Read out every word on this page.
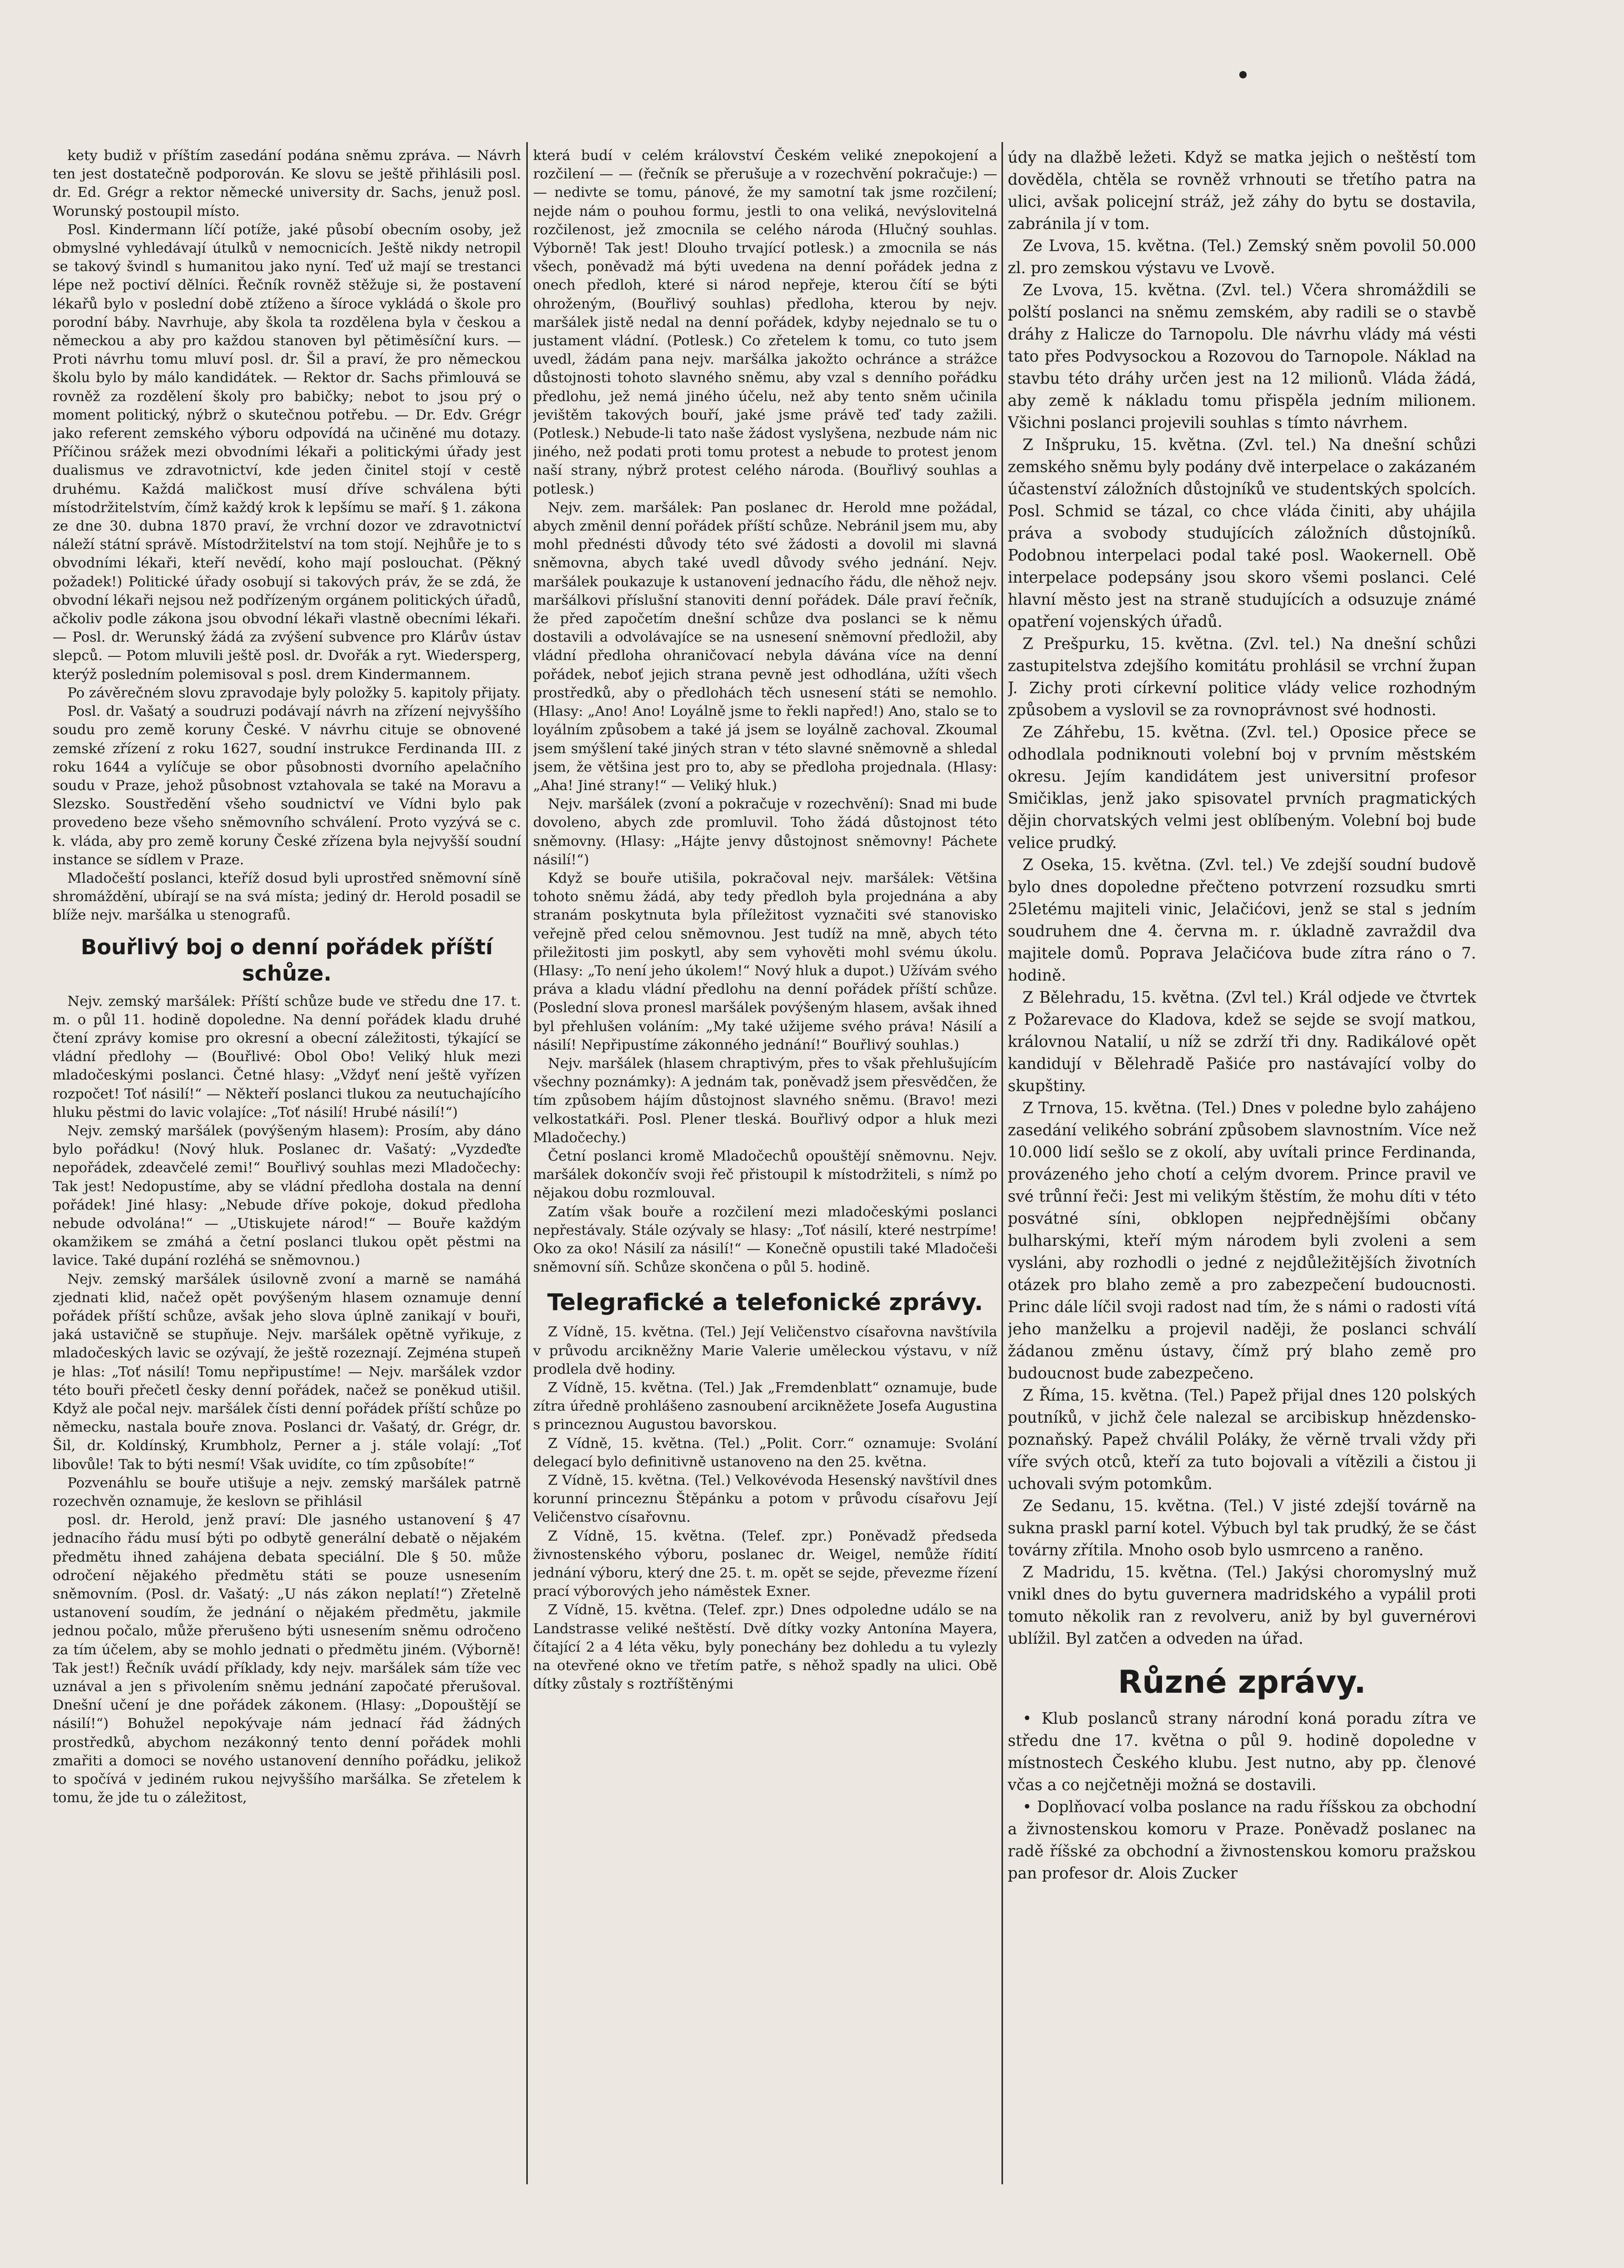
kety budiž v příštím zasedání podána sněmu zpráva. — Návrh ten jest dostatečně podporován. Ke slovu se ještě přihlásili posl. dr. Ed. Grégr a rektor německé university dr. Sachs, jenuž posl. Worunský postoupil místo.

Posl. Kindermann líčí potíže, jaké působí obecním osoby, jež obmyslné vyhledávají útulků v nemocnicích. Ještě nikdy netropil se takový švindl s humanitou jako nyní. Teď už mají se trestanci lépe než poctiví dělníci. Řečník rovněž stěžuje si, že postavení lékařů bylo v poslední době ztíženo a šíroce vykládá o škole pro porodní báby. Navrhuje, aby škola ta rozdělena byla v českou a německou a aby pro každou stanoven byl pětiměsíční kurs. — Proti návrhu tomu mluví posl. dr. Šil a praví, že pro německou školu bylo by málo kandidátek. — Rektor dr. Sachs přimlouvá se rovněž za rozdělení školy pro babičky; nebot to jsou prý o moment politický, nýbrž o skutečnou potřebu. — Dr. Edv. Grégr jako referent zemského výboru odpovídá na učiněné mu dotazy. Příčinou srážek mezi obvodními lékaři a politickými úřady jest dualismus ve zdravotnictví, kde jeden činitel stojí v cestě druhému. Každá maličkost musí dříve schválena býti místodržitelstvím, čímž každý krok k lepšímu se maří. § 1. zákona ze dne 30. dubna 1870 praví, že vrchní dozor ve zdravotnictví náleží státní správě. Místodržitelství na tom stojí. Nejhůře je to s obvodními lékaři, kteří nevědí, koho mají poslouchat. (Pěkný požadek!) Politické úřady osobují si takových práv, že se zdá, že obvodní lékaři nejsou než podřízeným orgánem politických úřadů, ačkoliv podle zákona jsou obvodní lékaři vlastně obecními lékaři. — Posl. dr. Werunský žádá za zvýšení subvence pro Klárův ústav slepců. — Potom mluvili ještě posl. dr. Dvořák a ryt. Wiedersperg, kterýž posledním polemisoval s posl. drem Kindermannem.

Po závěrečném slovu zpravodaje byly položky 5. kapitoly přijaty.

Posl. dr. Vašatý a soudruzi podávají návrh na zřízení nejvyššího soudu pro země koruny České. V návrhu cituje se obnovené zemské zřízení z roku 1627, soudní instrukce Ferdinanda III. z roku 1644 a vylíčuje se obor působnosti dvorního apelačního soudu v Praze, jehož působnost vztahovala se také na Moravu a Slezsko. Soustředění všeho soudnictví ve Vídni bylo pak provedeno beze všeho sněmovního schválení. Proto vyzývá se c. k. vláda, aby pro země koruny České zřízena byla nejvyšší soudní instance se sídlem v Praze.

Mladočeští poslanci, kteříž dosud byli uprostřed sněmovní síně shromáždění, ubírají se na svá místa; jediný dr. Herold posadil se blíže nejv. maršálka u stenografů.

Bouřlivý boj o denní pořádek příští schůze.

Nejv. zemský maršálek: Příští schůze bude ve středu dne 17. t. m. o půl 11. hodině dopoledne. Na denní pořádek kladu druhé čtení zprávy komise pro okresní a obecní záležitosti, týkající se vládní předlohy — (Bouřlivé: Obol Obo! Veliký hluk mezi mladočeskými poslanci. Četné hlasy: „Vždyť není ještě vyřízen rozpočet! Toť násilí!“ — Někteří poslanci tlukou za neutuchajícího hluku pěstmi do lavic volajíce: „Toť násilí! Hrubé násilí!“)

Nejv. zemský maršálek (povýšeným hlasem): Prosím, aby dáno bylo pořádku! (Nový hluk. Poslanec dr. Vašatý: „Vyzdeďte nepořádek, zdeavčelé zemi!“ Bouřlivý souhlas mezi Mladočechy: Tak jest! Nedopustíme, aby se vládní předloha dostala na denní pořádek! Jiné hlasy: „Nebude dříve pokoje, dokud předloha nebude odvolána!“ — „Utiskujete národ!“ — Bouře každým okamžikem se zmáhá a četní poslanci tlukou opět pěstmi na lavice. Také dupání rozléhá se sněmovnou.)

Nejv. zemský maršálek úsilovně zvoní a marně se namáhá zjednati klid, načež opět povýšeným hlasem oznamuje denní pořádek příští schůze, avšak jeho slova úplně zanikají v bouři, jaká ustavičně se stupňuje. Nejv. maršálek opětně vyřikuje, z mladočeských lavic se ozývají, že ještě rozeznají. Zejména stupeň je hlas: „Toť násilí! Tomu nepřipustíme! — Nejv. maršálek vzdor této bouři přečetl česky denní pořádek, načež se poněkud utišil. Když ale počal nejv. maršálek čísti denní pořádek příští schůze po německu, nastala bouře znova. Poslanci dr. Vašatý, dr. Grégr, dr. Šil, dr. Koldínský, Krumbholz, Perner a j. stále volají: „Toť libovůle! Tak to býti nesmí! Však uvidíte, co tím způsobíte!“

Pozvenáhlu se bouře utišuje a nejv. zemský maršálek patrně rozechvěn oznamuje, že keslovn se přihlásil

posl. dr. Herold, jenž praví: Dle jasného ustanovení § 47 jednacího řádu musí býti po odbytě generální debatě o nějakém předmětu ihned zahájena debata speciální. Dle § 50. může odročení nějakého předmětu státi se pouze usnesením sněmovním. (Posl. dr. Vašatý: „U nás zákon neplatí!“) Zřetelně ustanovení soudím, že jednání o nějakém předmětu, jakmile jednou počalo, může přerušeno býti usnesením sněmu odročeno za tím účelem, aby se mohlo jednati o předmětu jiném. (Výborně! Tak jest!) Řečník uvádí příklady, kdy nejv. maršálek sám tíže vec uznával a jen s přivolením sněmu jednání započaté přerušoval. Dnešní učení je dne pořádek zákonem. (Hlasy: „Dopouštějí se násilí!“) Bohužel nepokývaje nám jednací řád žádných prostředků, abychom nezákonný tento denní pořádek mohli zmařiti a domoci se nového ustanovení denního pořádku, jelikož to spočívá v jediném rukou nejvyššího maršálka. Se zřetelem k tomu, že jde tu o záležitost,

která budí v celém království Českém veliké znepokojení a rozčilení — — (řečník se přerušuje a v rozechvění pokračuje:) — — nedivte se tomu, pánové, že my samotní tak jsme rozčilení; nejde nám o pouhou formu, jestli to ona veliká, nevýslovitelná rozčilenost, jež zmocnila se celého národa (Hlučný souhlas. Výborně! Tak jest! Dlouho trvající potlesk.) a zmocnila se nás všech, poněvadž má býti uvedena na denní pořádek jedna z onech předloh, které si národ nepřeje, kterou čítí se býti ohroženým, (Bouřlivý souhlas) předloha, kterou by nejv. maršálek jistě nedal na denní pořádek, kdyby nejednalo se tu o justament vládní. (Potlesk.) Co zřetelem k tomu, co tuto jsem uvedl, žádám pana nejv. maršálka jakožto ochránce a strážce důstojnosti tohoto slavného sněmu, aby vzal s denního pořádku předlohu, jež nemá jiného účelu, než aby tento sněm učinila jevištěm takových bouří, jaké jsme právě teď tady zažili. (Potlesk.) Nebude-li tato naše žádost vyslyšena, nezbude nám nic jiného, než podati proti tomu protest a nebude to protest jenom naší strany, nýbrž protest celého národa. (Bouřlivý souhlas a potlesk.)

Nejv. zem. maršálek: Pan poslanec dr. Herold mne požádal, abych změnil denní pořádek příští schůze. Nebránil jsem mu, aby mohl přednésti důvody této své žádosti a dovolil mi slavná sněmovna, abych také uvedl důvody svého jednání. Nejv. maršálek poukazuje k ustanovení jednacího řádu, dle něhož nejv. maršálkovi příslušní stanoviti denní pořádek. Dále praví řečník, že před započetím dnešní schůze dva poslanci se k němu dostavili a odvolávajíce se na usnesení sněmovní předložil, aby vládní předloha ohraničovací nebyla dávána více na denní pořádek, neboť jejich strana pevně jest odhodlána, užíti všech prostředků, aby o předlohách těch usnesení státi se nemohlo. (Hlasy: „Ano! Ano! Loyálně jsme to řekli napřed!) Ano, stalo se to loyálním způsobem a také já jsem se loyálně zachoval. Zkoumal jsem smýšlení také jiných stran v této slavné sněmovně a shledal jsem, že většina jest pro to, aby se předloha projednala. (Hlasy: „Aha! Jiné strany!“ — Veliký hluk.)

Nejv. maršálek (zvoní a pokračuje v rozechvění): Snad mi bude dovoleno, abych zde promluvil. Toho žádá důstojnost této sněmovny. (Hlasy: „Hájte jenvy důstojnost sněmovny! Páchete násilí!“)

Když se bouře utišila, pokračoval nejv. maršálek: Většina tohoto sněmu žádá, aby tedy předloh byla projednána a aby stranám poskytnuta byla příležitost vyznačiti své stanovisko veřejně před celou sněmovnou. Jest tudíž na mně, abych této přiležitosti jim poskytl, aby sem vyhověti mohl svému úkolu. (Hlasy: „To není jeho úkolem!“ Nový hluk a dupot.) Užívám svého práva a kladu vládní předlohu na denní pořádek příští schůze. (Poslední slova pronesl maršálek povýšeným hlasem, avšak ihned byl přehlušen voláním: „My také užijeme svého práva! Násilí a násilí! Nepřipustíme zákonného jednání!“ Bouřlivý souhlas.)

Nejv. maršálek (hlasem chraptivým, přes to však přehlušujícím všechny poznámky): A jednám tak, poněvadž jsem přesvědčen, že tím způsobem hájím důstojnost slavného sněmu. (Bravo! mezi velkostatkáři. Posl. Plener tleská. Bouřlivý odpor a hluk mezi Mladočechy.)

Četní poslanci kromě Mladočechů opouštějí sněmovnu. Nejv. maršálek dokončív svoji řeč přistoupil k místodržiteli, s nímž po nějakou dobu rozmlouval.

Zatím však bouře a rozčilení mezi mladočeskými poslanci nepřestávaly. Stále ozývaly se hlasy: „Toť násilí, které nestrpíme! Oko za oko! Násilí za násilí!“ — Konečně opustili také Mladočeši sněmovní síň. Schůze skončena o půl 5. hodině.

Telegrafické a telefonické zprávy.

Z Vídně, 15. května. (Tel.) Její Veličenstvo císařovna navštívila v průvodu arcikněžny Marie Valerie uměleckou výstavu, v níž prodlela dvě hodiny.

Z Vídně, 15. května. (Tel.) Jak „Fremdenblatt“ oznamuje, bude zítra úředně prohlášeno zasnoubení arcikněžete Josefa Augustina s princeznou Augustou bavorskou.

Z Vídně, 15. května. (Tel.) „Polit. Corr.“ oznamuje: Svolání delegací bylo definitivně ustanoveno na den 25. května.

Z Vídně, 15. května. (Tel.) Velkovévoda Hesenský navštívil dnes korunní princeznu Štěpánku a potom v průvodu císařovu Její Veličenstvo císařovnu.

Z Vídně, 15. května. (Telef. zpr.) Poněvadž předseda živnostenského výboru, poslanec dr. Weigel, nemůže řídití jednání výboru, který dne 25. t. m. opět se sejde, převezme řízení prací výborových jeho náměstek Exner.

Z Vídně, 15. května. (Telef. zpr.) Dnes odpoledne událo se na Landstrasse veliké neštěstí. Dvě dítky vozky Antonína Mayera, čítající 2 a 4 léta věku, byly ponechány bez dohledu a tu vylezly na otevřené okno ve třetím patře, s něhož spadly na ulici. Obě dítky zůstaly s roztříštěnými

údy na dlažbě ležeti. Když se matka jejich o neštěstí tom dověděla, chtěla se rovněž vrhnouti se třetího patra na ulici, avšak policejní stráž, jež záhy do bytu se dostavila, zabránila jí v tom.

Ze Lvova, 15. května. (Tel.) Zemský sněm povolil 50.000 zl. pro zemskou výstavu ve Lvově.

Ze Lvova, 15. května. (Zvl. tel.) Včera shromáždili se polští poslanci na sněmu zemském, aby radili se o stavbě dráhy z Halicze do Tarnopolu. Dle návrhu vlády má vésti tato přes Podvysockou a Rozovou do Tarnopole. Náklad na stavbu této dráhy určen jest na 12 milionů. Vláda žádá, aby země k nákladu tomu přispěla jedním milionem. Všichni poslanci projevili souhlas s tímto návrhem.

Z Inšpruku, 15. května. (Zvl. tel.) Na dnešní schůzi zemského sněmu byly podány dvě interpelace o zakázaném účastenství záložních důstojníků ve studentských spolcích. Posl. Schmid se tázal, co chce vláda činiti, aby uhájila práva a svobody studujících záložních důstojníků. Podobnou interpelaci podal také posl. Waokernell. Obě interpelace podepsány jsou skoro všemi poslanci. Celé hlavní město jest na straně studujících a odsuzuje známé opatření vojenských úřadů.

Z Prešpurku, 15. května. (Zvl. tel.) Na dnešní schůzi zastupitelstva zdejšího komitátu prohlásil se vrchní župan J. Zichy proti církevní politice vlády velice rozhodným způsobem a vyslovil se za rovnoprávnost své hodnosti.

Ze Záhřebu, 15. května. (Zvl. tel.) Oposice přece se odhodlala podniknouti volební boj v prvním městském okresu. Jejím kandidátem jest universitní profesor Smičiklas, jenž jako spisovatel prvních pragmatických dějin chorvatských velmi jest oblíbeným. Volební boj bude velice prudký.

Z Oseka, 15. května. (Zvl. tel.) Ve zdejší soudní budově bylo dnes dopoledne přečteno potvrzení rozsudku smrti 25letému majiteli vinic, Jelačićovi, jenž se stal s jedním soudruhem dne 4. června m. r. úkladně zavraždil dva majitele domů. Poprava Jelačićova bude zítra ráno o 7. hodině.

Z Bělehradu, 15. května. (Zvl tel.) Král odjede ve čtvrtek z Požarevace do Kladova, kdež se sejde se svojí matkou, královnou Natalií, u níž se zdrží tři dny. Radikálové opět kandidují v Bělehradě Pašiće pro nastávající volby do skupštiny.

Z Trnova, 15. května. (Tel.) Dnes v poledne bylo zahájeno zasedání velikého sobrání způsobem slavnostním. Více než 10.000 lidí sešlo se z okolí, aby uvítali prince Ferdinanda, provázeného jeho chotí a celým dvorem. Prince pravil ve své trůnní řeči: Jest mi velikým štěstím, že mohu díti v této posvátné síni, obklopen nejpřednějšími občany bulharskými, kteří mým národem byli zvoleni a sem vysláni, aby rozhodli o jedné z nejdůležitějších životních otázek pro blaho země a pro zabezpečení budoucnosti. Princ dále líčil svoji radost nad tím, že s námi o radosti vítá jeho manželku a projevil naději, že poslanci schválí žádanou změnu ústavy, čímž prý blaho země pro budoucnost bude zabezpečeno.

Z Říma, 15. května. (Tel.) Papež přijal dnes 120 polských poutníků, v jichž čele nalezal se arcibiskup hnězdensko-poznaňský. Papež chválil Poláky, že věrně trvali vždy při víře svých otců, kteří za tuto bojovali a vítězili a čistou ji uchovali svým potomkům.

Ze Sedanu, 15. května. (Tel.) V jisté zdejší továrně na sukna praskl parní kotel. Výbuch byl tak prudký, že se část továrny zřítila. Mnoho osob bylo usmrceno a raněno.

Z Madridu, 15. května. (Tel.) Jakýsi choromyslný muž vnikl dnes do bytu guvernera madridského a vypálil proti tomuto několik ran z revolveru, aniž by byl guvernérovi ublížil. Byl zatčen a odveden na úřad.

Různé zprávy.

• Klub poslanců strany národní koná poradu zítra ve středu dne 17. května o půl 9. hodině dopoledne v místnostech Českého klubu. Jest nutno, aby pp. členové včas a co nejčetněji možná se dostavili.

• Doplňovací volba poslance na radu říšskou za obchodní a živnostenskou komoru v Praze. Poněvadž poslanec na radě říšské za obchodní a živnostenskou komoru pražskou pan profesor dr. Alois Zucker
